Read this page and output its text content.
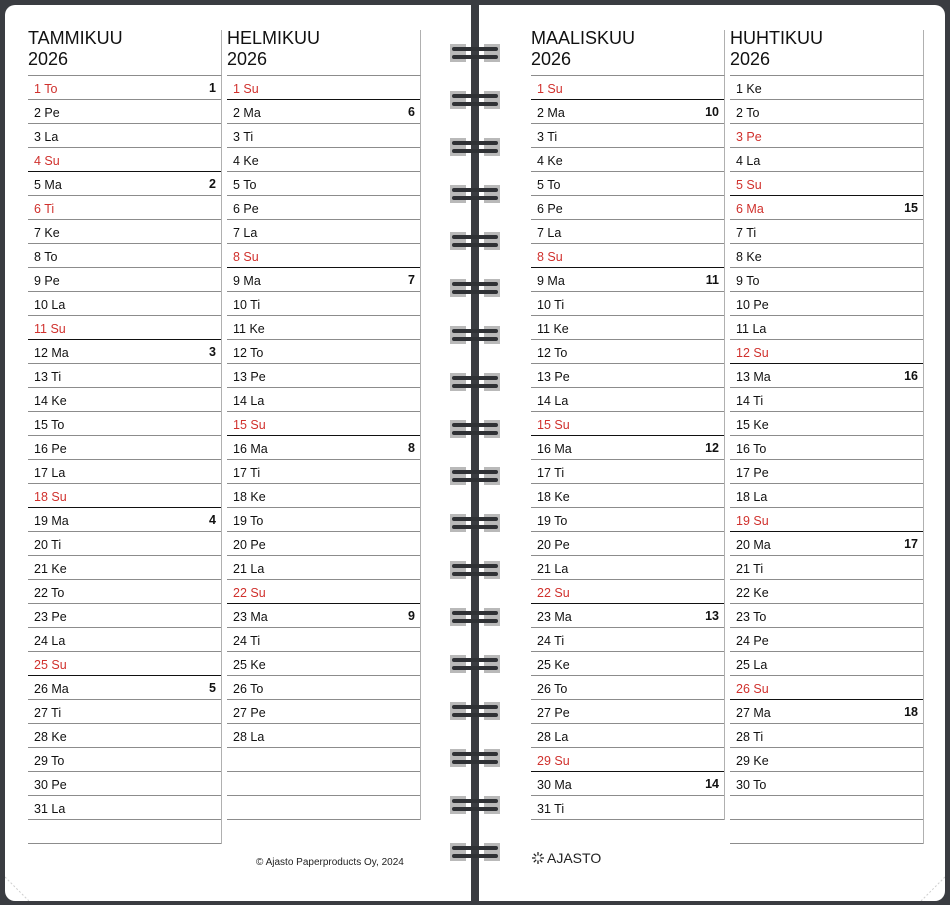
TAMMIKUU
2026
1 To	1
2 Pe
3 La
4 Su
5 Ma	2
6 Ti
7 Ke
8 To
9 Pe
10 La
11 Su
12 Ma	3
13 Ti
14 Ke
15 To
16 Pe
17 La
18 Su
19 Ma	4
20 Ti
21 Ke
22 To
23 Pe
24 La
25 Su
26 Ma	5
27 Ti
28 Ke
29 To
30 Pe
31 La
HELMIKUU
2026
1 Su
2 Ma	6
3 Ti
4 Ke
5 To
6 Pe
7 La
8 Su
9 Ma	7
10 Ti
11 Ke
12 To
13 Pe
14 La
15 Su
16 Ma	8
17 Ti
18 Ke
19 To
20 Pe
21 La
22 Su
23 Ma	9
24 Ti
25 Ke
26 To
27 Pe
28 La
MAALISKUU
2026
1 Su
2 Ma	10
3 Ti
4 Ke
5 To
6 Pe
7 La
8 Su
9 Ma	11
10 Ti
11 Ke
12 To
13 Pe
14 La
15 Su
16 Ma	12
17 Ti
18 Ke
19 To
20 Pe
21 La
22 Su
23 Ma	13
24 Ti
25 Ke
26 To
27 Pe
28 La
29 Su
30 Ma	14
31 Ti
HUHTIKUU
2026
1 Ke
2 To
3 Pe
4 La
5 Su
6 Ma	15
7 Ti
8 Ke
9 To
10 Pe
11 La
12 Su
13 Ma	16
14 Ti
15 Ke
16 To
17 Pe
18 La
19 Su
20 Ma	17
21 Ti
22 Ke
23 To
24 Pe
25 La
26 Su
27 Ma	18
28 Ti
29 Ke
30 To
© Ajasto Paperproducts Oy, 2024	AJASTO
